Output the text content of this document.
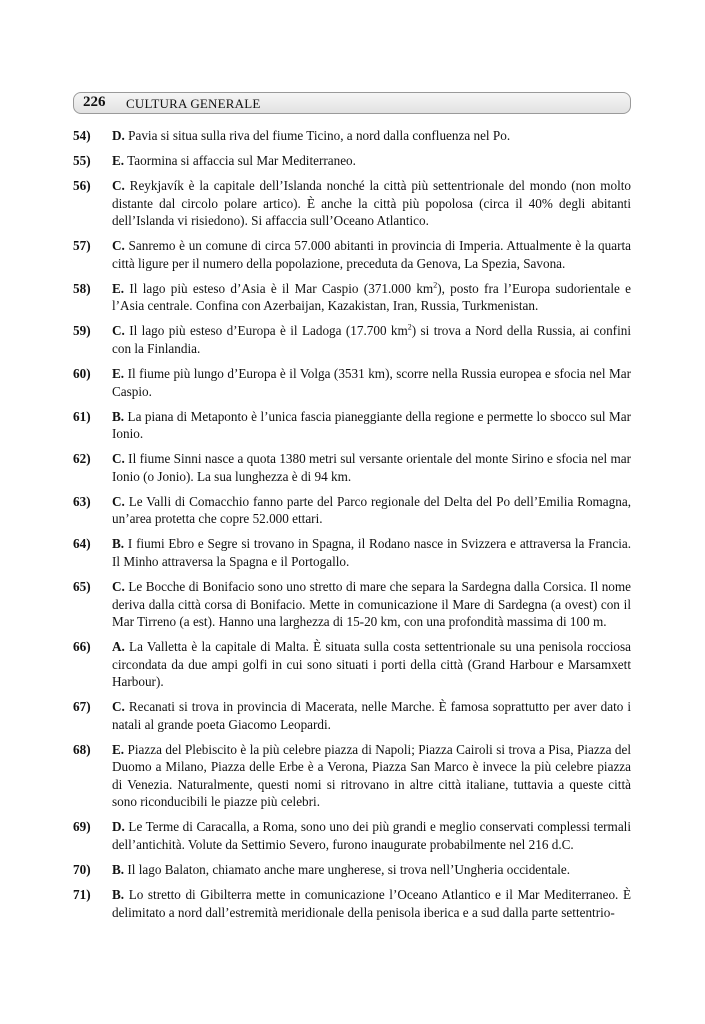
226 CULTURA GENERALE
54) D. Pavia si situa sulla riva del fiume Ticino, a nord dalla confluenza nel Po.
55) E. Taormina si affaccia sul Mar Mediterraneo.
56) C. Reykjavík è la capitale dell’Islanda nonché la città più settentrionale del mondo (non molto distante dal circolo polare artico). È anche la città più popolosa (circa il 40% degli abitanti dell’Islanda vi risiedono). Si affaccia sull’Oceano Atlantico.
57) C. Sanremo è un comune di circa 57.000 abitanti in provincia di Imperia. Attualmente è la quarta città ligure per il numero della popolazione, preceduta da Genova, La Spezia, Savona.
58) E. Il lago più esteso d’Asia è il Mar Caspio (371.000 $km^2$), posto fra l’Europa sudorientale e l’Asia centrale. Confina con Azerbaijan, Kazakistan, Iran, Russia, Turkmenistan.
59) C. Il lago più esteso d’Europa è il Ladoga (17.700 $km^2$) si trova a Nord della Russia, ai confini con la Finlandia.
60) E. Il fiume più lungo d’Europa è il Volga (3531 km), scorre nella Russia europea e sfocia nel Mar Caspio.
61) B. La piana di Metaponto è l’unica fascia pianeggiante della regione e permette lo sbocco sul Mar Ionio.
62) C. Il fiume Sinni nasce a quota 1380 metri sul versante orientale del monte Sirino e sfocia nel mar Ionio (o Jonio). La sua lunghezza è di 94 km.
63) C. Le Valli di Comacchio fanno parte del Parco regionale del Delta del Po dell’Emilia Romagna, un’area protetta che copre 52.000 ettari.
64) B. I fiumi Ebro e Segre si trovano in Spagna, il Rodano nasce in Svizzera e attraversa la Francia. Il Minho attraversa la Spagna e il Portogallo.
65) C. Le Bocche di Bonifacio sono uno stretto di mare che separa la Sardegna dalla Corsica. Il nome deriva dalla città corsa di Bonifacio. Mette in comunicazione il Mare di Sardegna (a ovest) con il Mar Tirreno (a est). Hanno una larghezza di 15-20 km, con una profondità massima di 100 m.
66) A. La Valletta è la capitale di Malta. È situata sulla costa settentrionale su una penisola rocciosa circondata da due ampi golfi in cui sono situati i porti della città (Grand Harbour e Marsamxett Harbour).
67) C. Recanati si trova in provincia di Macerata, nelle Marche. È famosa soprattutto per aver dato i natali al grande poeta Giacomo Leopardi.
68) E. Piazza del Plebiscito è la più celebre piazza di Napoli; Piazza Cairoli si trova a Pisa, Piazza del Duomo a Milano, Piazza delle Erbe è a Verona, Piazza San Marco è invece la più celebre piazza di Venezia. Naturalmente, questi nomi si ritrovano in altre città italiane, tuttavia a queste città sono riconducibili le piazze più celebri.
69) D. Le Terme di Caracalla, a Roma, sono uno dei più grandi e meglio conservati complessi termali dell’antichità. Volute da Settimio Severo, furono inaugurate probabilmente nel 216 d.C.
70) B. Il lago Balaton, chiamato anche mare ungherese, si trova nell’Ungheria occidentale.
71) B. Lo stretto di Gibilterra mette in comunicazione l’Oceano Atlantico e il Mar Mediterraneo. È delimitato a nord dall’estremità meridionale della penisola iberica e a sud dalla parte settentrio-
